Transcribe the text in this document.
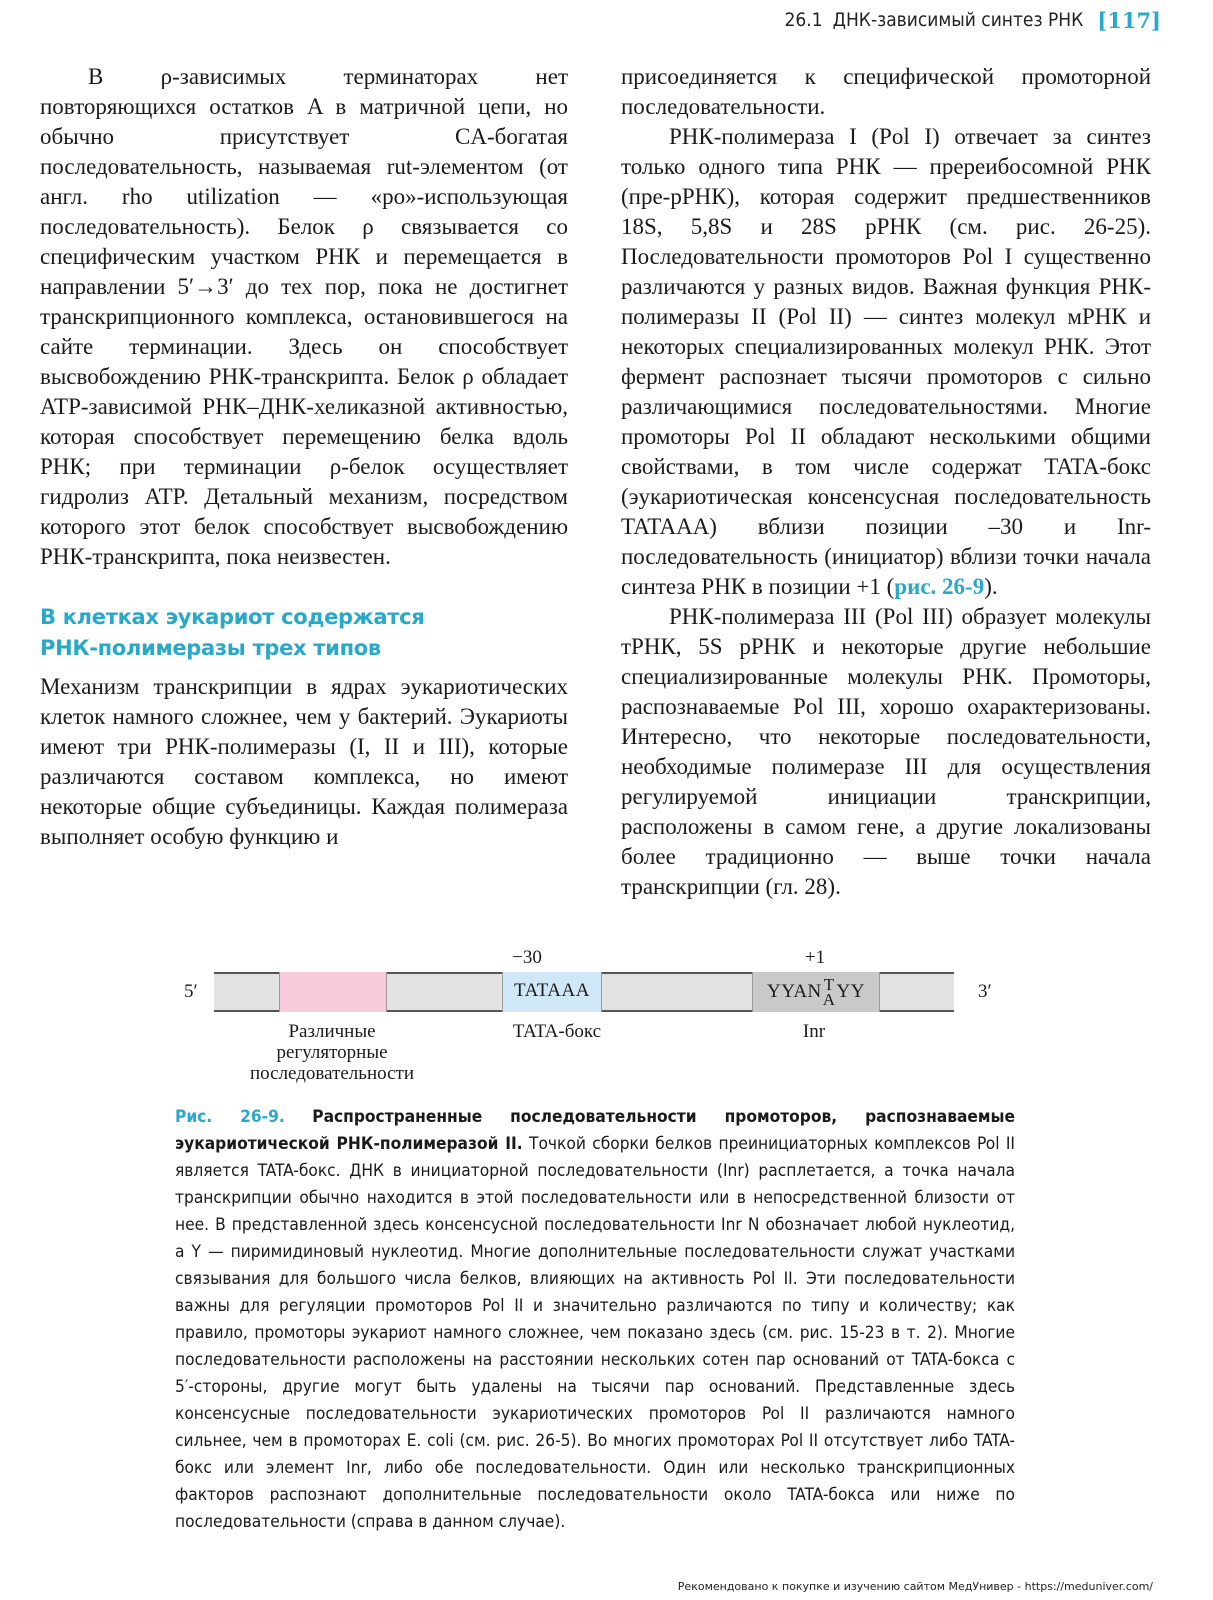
26.1 ДНК-зависимый синтез РНК [117]

В ρ-зависимых терминаторах нет повторяющихся остатков A в матричной цепи, но обычно присутствует CA-богатая последовательность, называемая rut-элементом (от англ. rho utilization — «ро»-использующая последовательность). Белок ρ связывается со специфическим участком РНК и перемещается в направлении 5′→3′ до тех пор, пока не достигнет транскрипционного комплекса, остановившегося на сайте терминации. Здесь он способствует высвобождению РНК-транскрипта. Белок ρ обладает ATP-зависимой РНК–ДНК-хеликазной активностью, которая способствует перемещению белка вдоль РНК; при терминации ρ-белок осуществляет гидролиз ATP. Детальный механизм, посредством которого этот белок способствует высвобождению РНК-транскрипта, пока неизвестен.

В клетках эукариот содержатся
РНК-полимеразы трех типов

Механизм транскрипции в ядрах эукариотических клеток намного сложнее, чем у бактерий. Эукариоты имеют три РНК-полимеразы (I, II и III), которые различаются составом комплекса, но имеют некоторые общие субъединицы. Каждая полимераза выполняет особую функцию и

присоединяется к специфической промоторной последовательности.

РНК-полимераза I (Pol I) отвечает за синтез только одного типа РНК — пререибосомной РНК (пре-рРНК), которая содержит предшественников 18S, 5,8S и 28S рРНК (см. рис. 26-25). Последовательности промоторов Pol I существенно различаются у разных видов. Важная функция РНК-полимеразы II (Pol II) — синтез молекул мРНК и некоторых специализированных молекул РНК. Этот фермент распознает тысячи промоторов с сильно различающимися последовательностями. Многие промоторы Pol II обладают несколькими общими свойствами, в том числе содержат TATA-бокс (эукариотическая консенсусная последовательность TATAAA) вблизи позиции –30 и Inr-последовательность (инициатор) вблизи точки начала синтеза РНК в позиции +1 (рис. 26-9).

РНК-полимераза III (Pol III) образует молекулы тРНК, 5S рРНК и некоторые другие небольшие специализированные молекулы РНК. Промоторы, распознаваемые Pol III, хорошо охарактеризованы. Интересно, что некоторые последовательности, необходимые полимеразе III для осуществления регулируемой инициации транскрипции, расположены в самом гене, а другие локализованы более традиционно — выше точки начала транскрипции (гл. 28).

5′	3′
−30	+1
TATAAA	YYAN T
A YY
Различные
регуляторные
последовательности
TATA-бокс	Inr
Рис. 26-9. Распространенные последовательности промоторов, распознаваемые эукариотической РНК-полимеразой II. Точкой сборки белков преинициаторных комплексов Pol II является TATA-бокс. ДНК в инициаторной последовательности (Inr) расплетается, а точка начала транскрипции обычно находится в этой последовательности или в непосредственной близости от нее. В представленной здесь консенсусной последовательности Inr N обозначает любой нуклеотид, а Y — пиримидиновый нуклеотид. Многие дополнительные последовательности служат участками связывания для большого числа белков, влияющих на активность Pol II. Эти последовательности важны для регуляции промоторов Pol II и значительно различаются по типу и количеству; как правило, промоторы эукариот намного сложнее, чем показано здесь (см. рис. 15-23 в т. 2). Многие последовательности расположены на расстоянии нескольких сотен пар оснований от TATA-бокса с 5′-стороны, другие могут быть удалены на тысячи пар оснований. Представленные здесь консенсусные последовательности эукариотических промоторов Pol II различаются намного сильнее, чем в промоторах E. coli (см. рис. 26-5). Во многих промоторах Pol II отсутствует либо TATA-бокс или элемент Inr, либо обе последовательности. Один или несколько транскрипционных факторов распознают дополнительные последовательности около TATA-бокса или ниже по последовательности (справа в данном случае).
Рекомендовано к покупке и изучению сайтом МедУнивер - https://meduniver.com/
